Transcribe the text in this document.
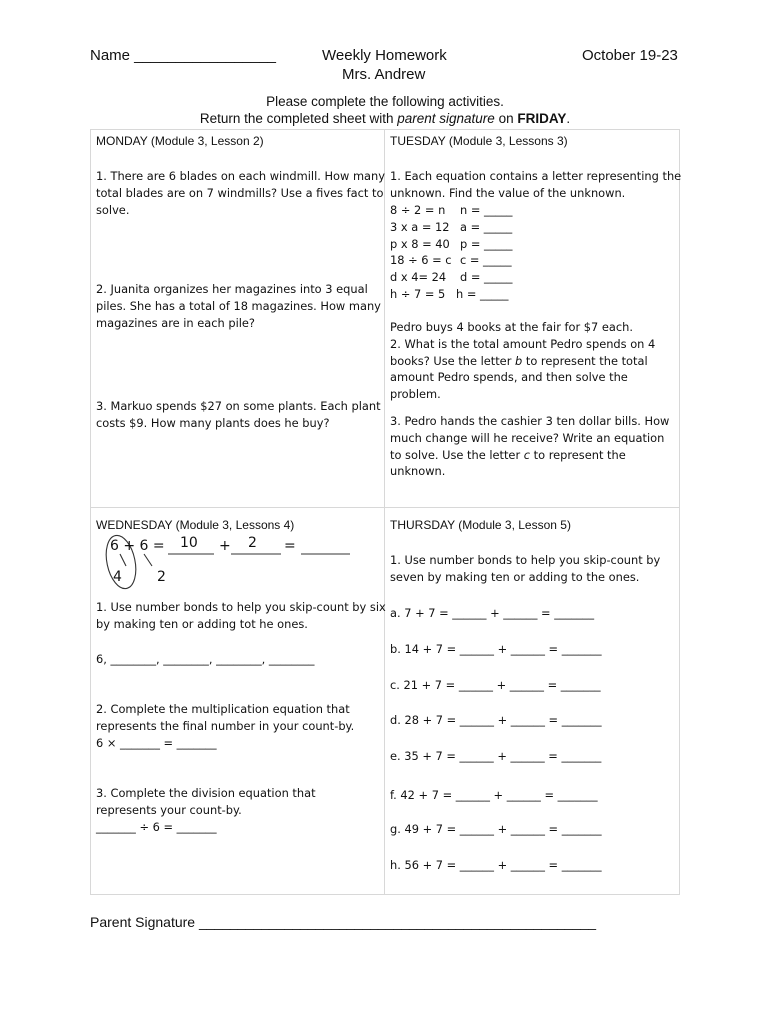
Name _________________	Weekly Homework
Mrs. Andrew
October 19-23
Please complete the following activities.
Return the completed sheet with parent signature on FRIDAY.
MONDAY (Module 3, Lesson 2)
1. There are 6 blades on each windmill. How many
total blades are on 7 windmills? Use a fives fact to
solve.
2. Juanita organizes her magazines into 3 equal
piles. She has a total of 18 magazines. How many
magazines are in each pile?
3. Markuo spends $27 on some plants. Each plant
costs $9. How many plants does he buy?
TUESDAY (Module 3, Lessons 3)
1. Each equation contains a letter representing the
unknown. Find the value of the unknown.
8 ÷ 2 = n n = _____
3 x a = 12 a = _____
p x 8 = 40 p = _____
18 ÷ 6 = c c = _____
d x 4= 24 d = _____
h ÷ 7 = 5 h = _____
Pedro buys 4 books at the fair for $7 each.
2. What is the total amount Pedro spends on 4
books? Use the letter b to represent the total
amount Pedro spends, and then solve the
problem.
3. Pedro hands the cashier 3 ten dollar bills. How
much change will he receive? Write an equation
to solve. Use the letter c to represent the
unknown.
WEDNESDAY (Module 3, Lessons 4)
6 + 6 = 10 + 2 =
4	2
1. Use number bonds to help you skip-count by six
by making ten or adding tot he ones.
6, ________, ________, ________, ________
2. Complete the multiplication equation that
represents the final number in your count-by.
6 × _______ = _______
3. Complete the division equation that
represents your count-by.
_______ ÷ 6 = _______
THURSDAY (Module 3, Lesson 5)
1. Use number bonds to help you skip-count by
seven by making ten or adding to the ones.
a. 7 + 7 = ______ + ______ = _______
b. 14 + 7 = ______ + ______ = _______
c. 21 + 7 = ______ + ______ = _______
d. 28 + 7 = ______ + ______ = _______
e. 35 + 7 = ______ + ______ = _______
f. 42 + 7 = ______ + ______ = _______
g. 49 + 7 = ______ + ______ = _______
h. 56 + 7 = ______ + ______ = _______
Parent Signature ___________________________________________________
